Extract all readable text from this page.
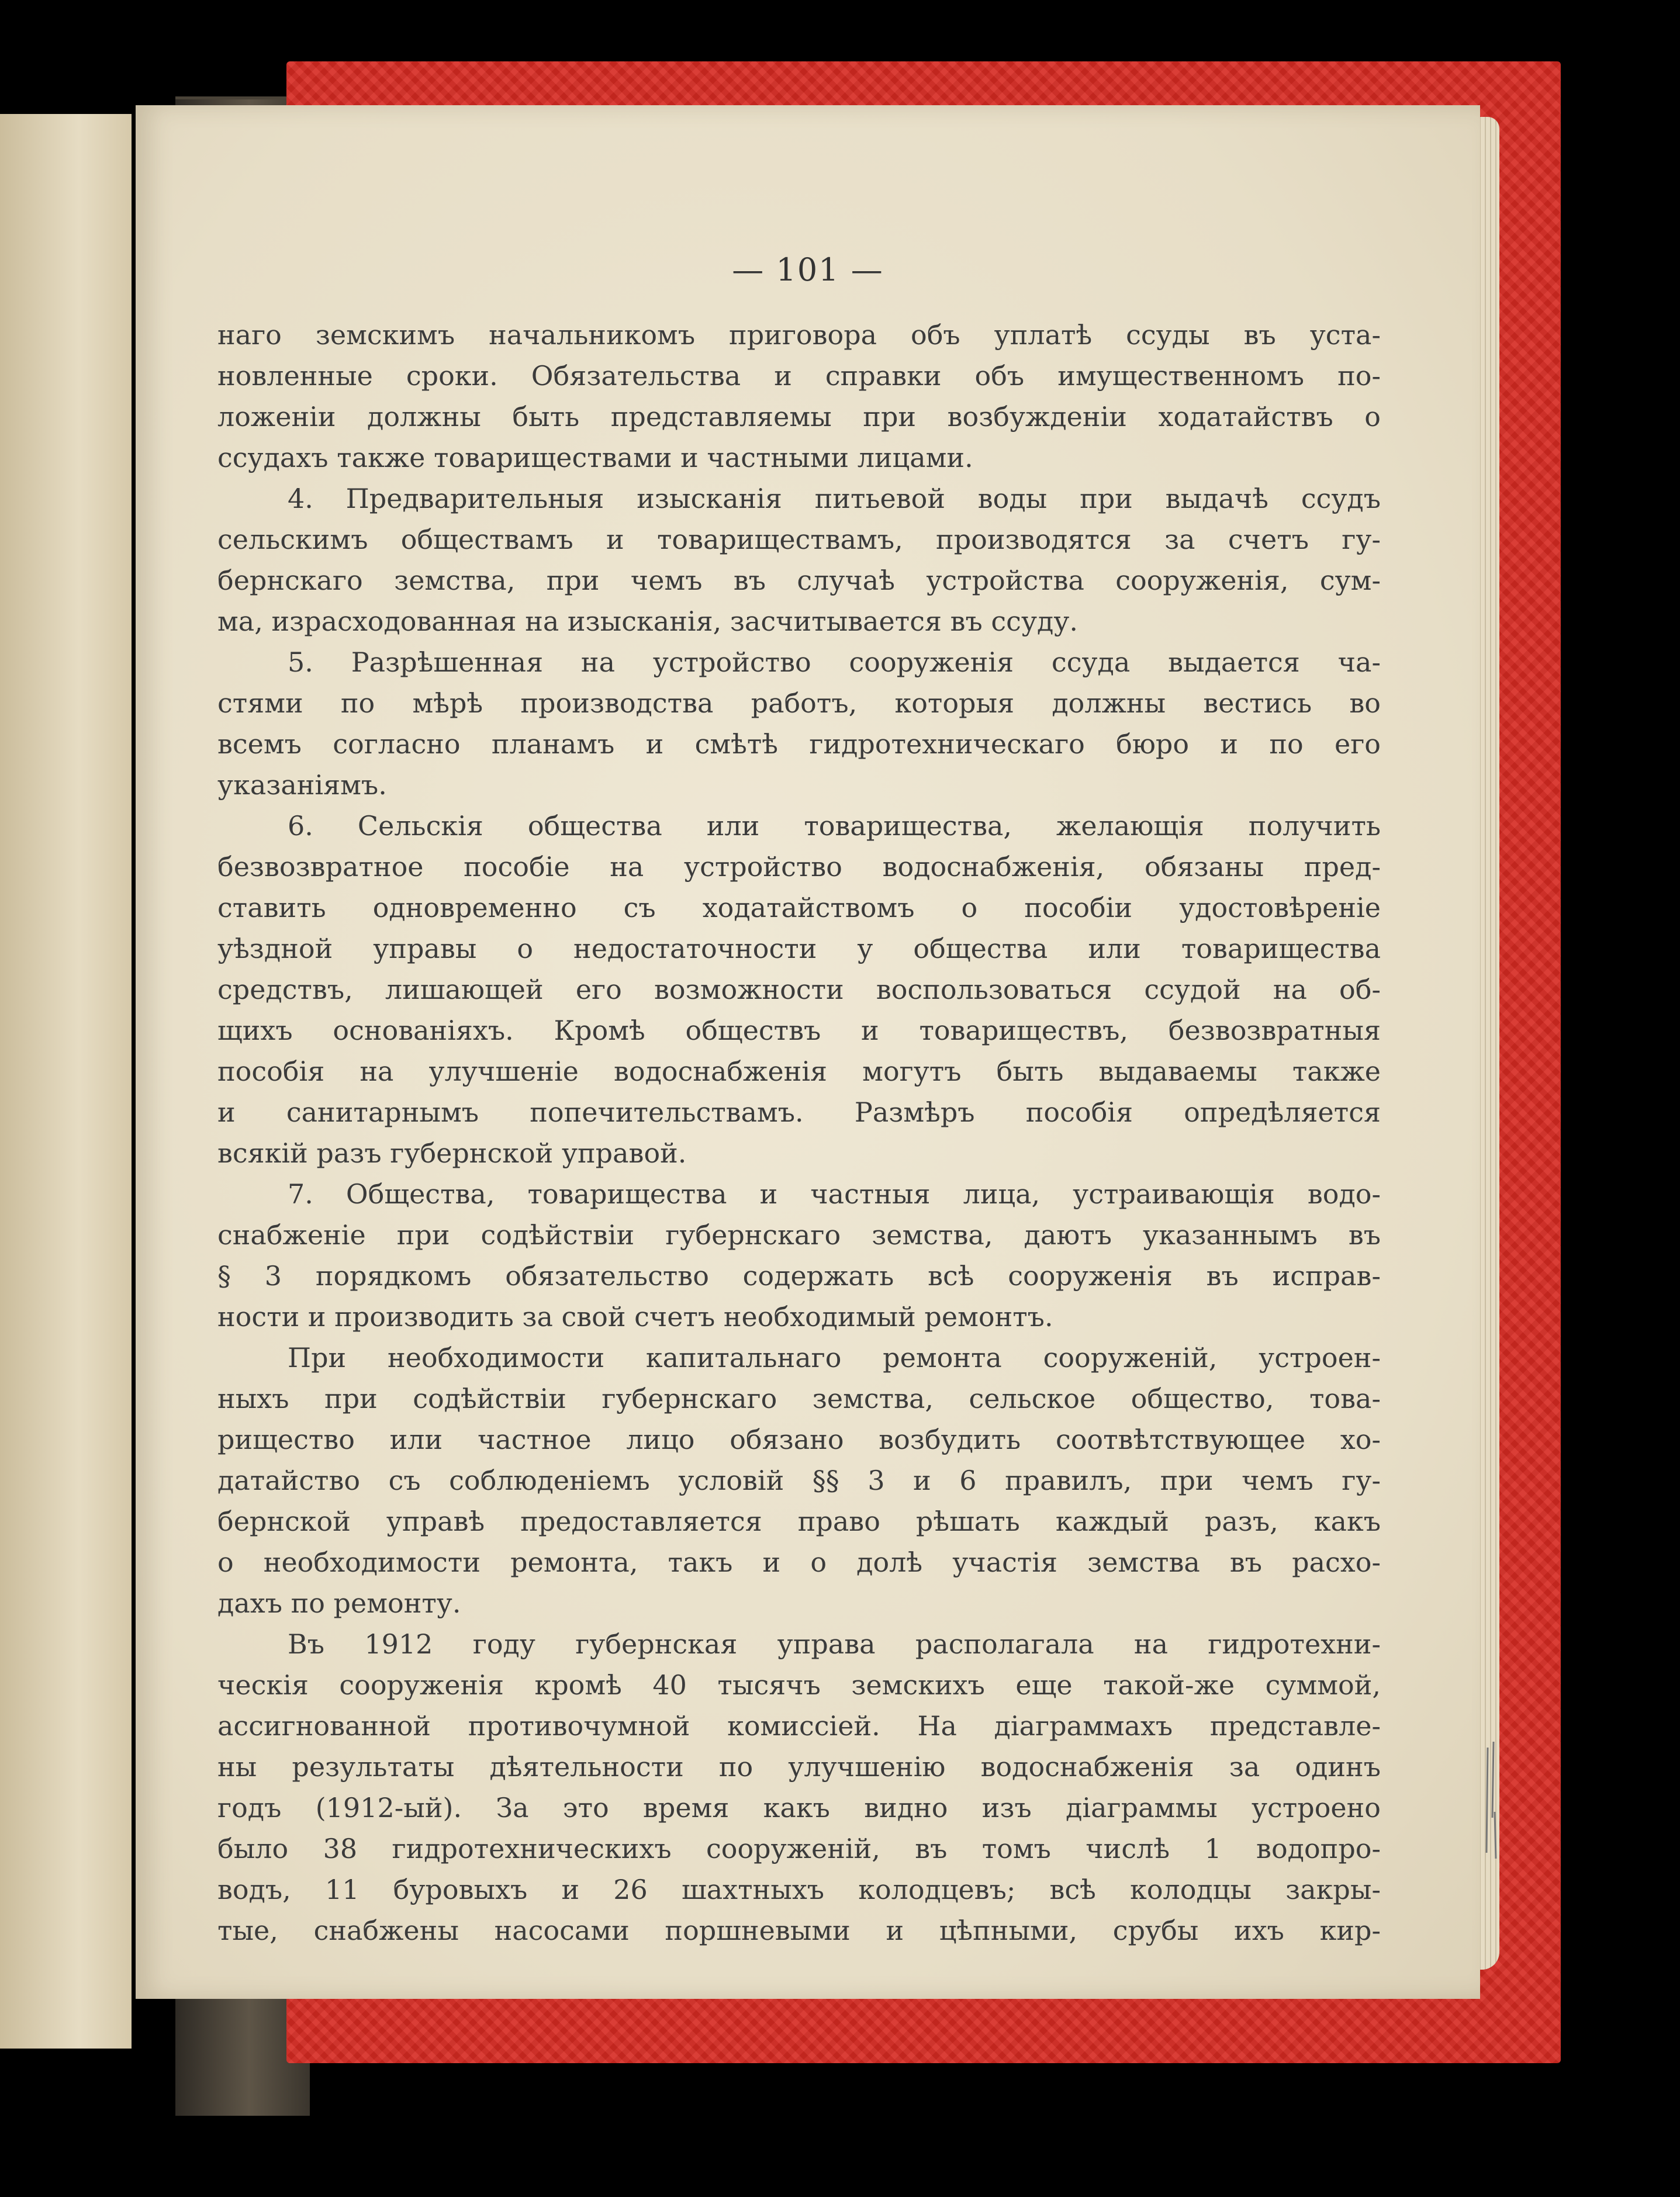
— 101 —
наго земскимъ начальникомъ приговора объ уплатѣ ссуды въ уста-
новленные сроки. Обязательства и справки объ имущественномъ по-
ложенiи должны быть представляемы при возбужденiи ходатайствъ о
ссудахъ также товариществами и частными лицами.
4. Предварительныя изысканiя питьевой воды при выдачѣ ссудъ
сельскимъ обществамъ и товариществамъ, производятся за счетъ гу-
бернскаго земства, при чемъ въ случаѣ устройства сооруженiя, сум-
ма, израсходованная на изысканiя, засчитывается въ ссуду.
5. Разрѣшенная на устройство сооруженiя ссуда выдается ча-
стями по мѣрѣ производства работъ, которыя должны вестись во
всемъ согласно планамъ и смѣтѣ гидротехническаго бюро и по его
указанiямъ.
6. Сельскiя общества или товарищества, желающiя получить
безвозвратное пособiе на устройство водоснабженiя, обязаны пред-
ставить одновременно съ ходатайствомъ о пособiи удостовѣренiе
уѣздной управы о недостаточности у общества или товарищества
средствъ, лишающей его возможности воспользоваться ссудой на об-
щихъ основанiяхъ. Кромѣ обществъ и товариществъ, безвозвратныя
пособiя на улучшенiе водоснабженiя могутъ быть выдаваемы также
и санитарнымъ попечительствамъ. Размѣръ пособiя опредѣляется
всякiй разъ губернской управой.
7. Общества, товарищества и частныя лица, устраивающiя водо-
снабженiе при содѣйствiи губернскаго земства, даютъ указаннымъ въ
§ 3 порядкомъ обязательство содержать всѣ сооруженiя въ исправ-
ности и производить за свой счетъ необходимый ремонтъ.
При необходимости капитальнаго ремонта сооруженiй, устроен-
ныхъ при содѣйствiи губернскаго земства, сельское общество, това-
рищество или частное лицо обязано возбудить соотвѣтствующее хо-
датайство съ соблюденiемъ условiй §§ 3 и 6 правилъ, при чемъ гу-
бернской управѣ предоставляется право рѣшать каждый разъ, какъ
о необходимости ремонта, такъ и о долѣ участiя земства въ расхо-
дахъ по ремонту.
Въ 1912 году губернская управа располагала на гидротехни-
ческiя сооруженiя кромѣ 40 тысячъ земскихъ еще такой-же суммой,
ассигнованной противочумной комиссiей. На дiаграммахъ представле-
ны результаты дѣятельности по улучшенiю водоснабженiя за одинъ
годъ (1912-ый). За это время какъ видно изъ дiаграммы устроено
было 38 гидротехническихъ сооруженiй, въ томъ числѣ 1 водопро-
водъ, 11 буровыхъ и 26 шахтныхъ колодцевъ; всѣ колодцы закры-
тые, снабжены насосами поршневыми и цѣпными, срубы ихъ кир-
